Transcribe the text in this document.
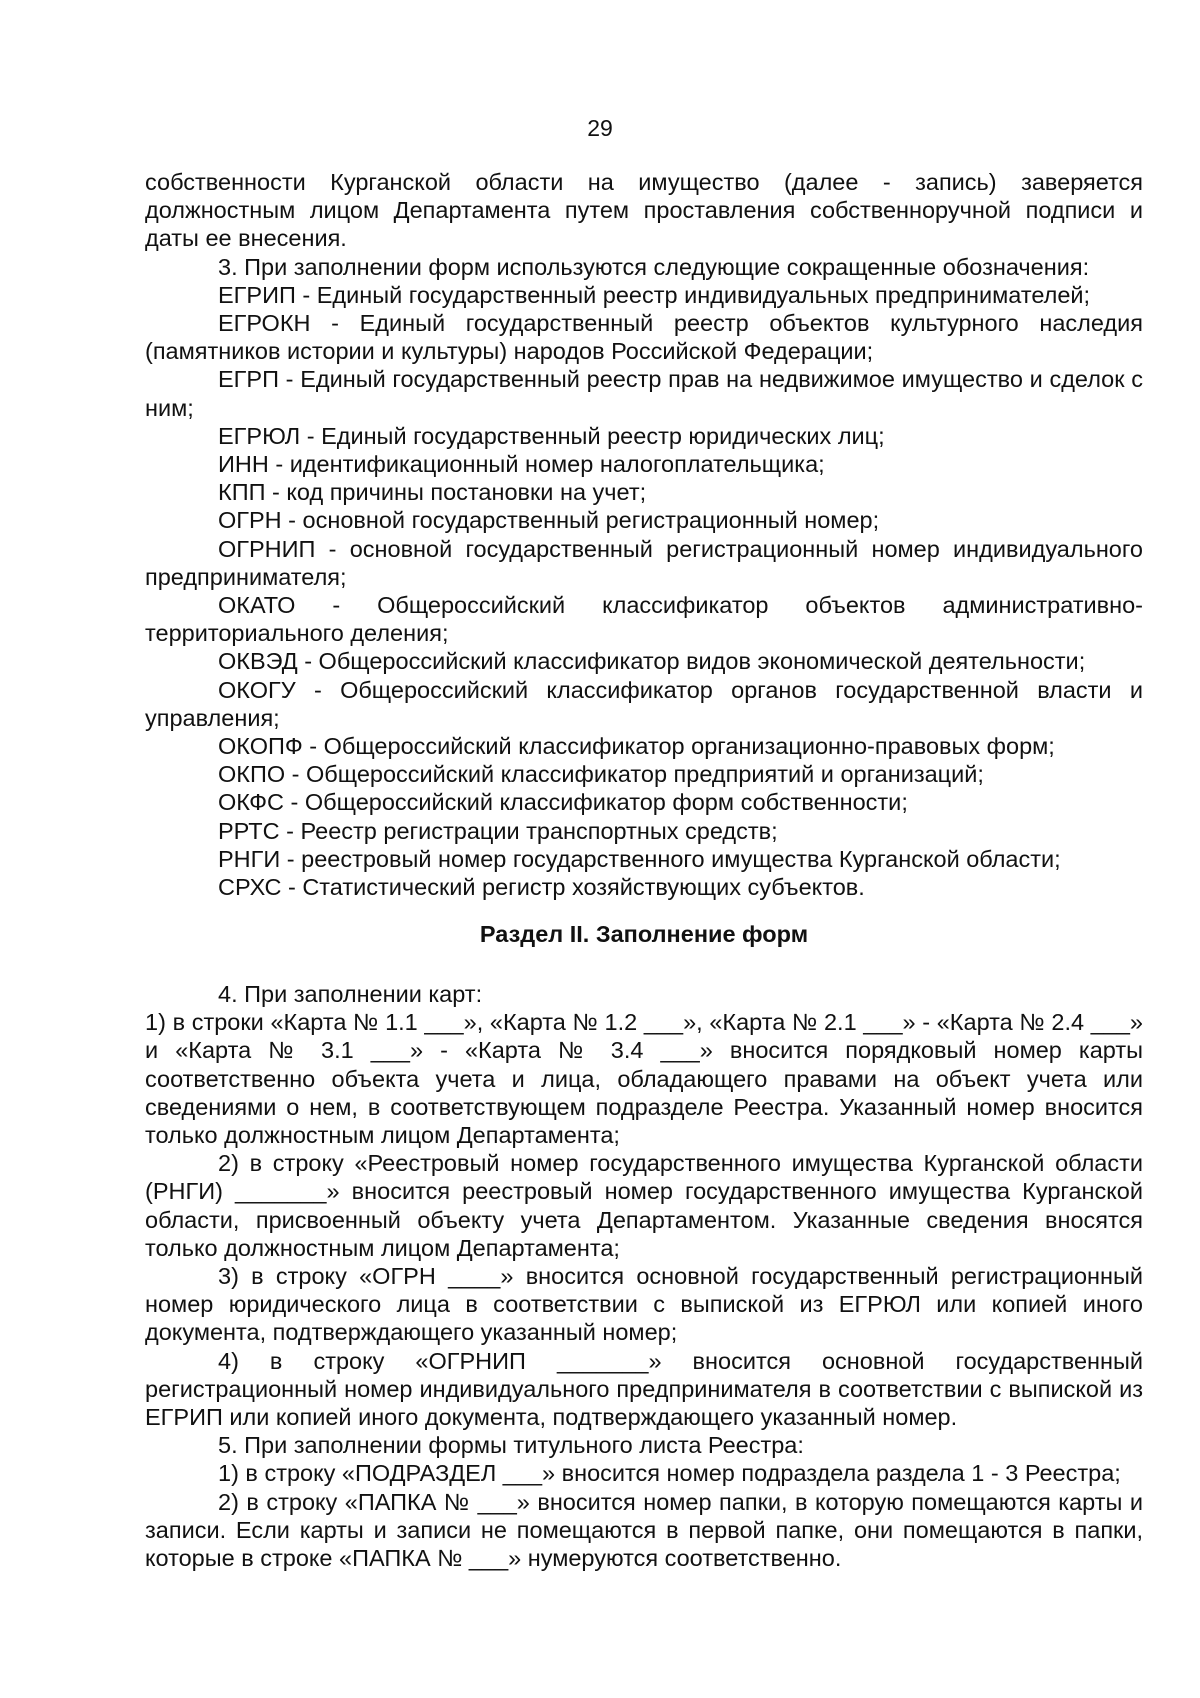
29

собственности Курганской области на имущество (далее - запись) заверяется должностным лицом Департамента путем проставления собственноручной подписи и даты ее внесения.

3. При заполнении форм используются следующие сокращенные обозначения:

ЕГРИП - Единый государственный реестр индивидуальных предпринимателей;

ЕГРОКН - Единый государственный реестр объектов культурного наследия (памятников истории и культуры) народов Российской Федерации;

ЕГРП - Единый государственный реестр прав на недвижимое имущество и сделок с ним;

ЕГРЮЛ - Единый государственный реестр юридических лиц;

ИНН - идентификационный номер налогоплательщика;

КПП - код причины постановки на учет;

ОГРН - основной государственный регистрационный номер;

ОГРНИП - основной государственный регистрационный номер индивидуального предпринимателя;

ОКАТО - Общероссийский классификатор объектов административно-территориального деления;

ОКВЭД - Общероссийский классификатор видов экономической деятельности;

ОКОГУ - Общероссийский классификатор органов государственной власти и управления;

ОКОПФ - Общероссийский классификатор организационно-правовых форм;

ОКПО - Общероссийский классификатор предприятий и организаций;

ОКФС - Общероссийский классификатор форм собственности;

РРТС - Реестр регистрации транспортных средств;

РНГИ - реестровый номер государственного имущества Курганской области;

СРХС - Статистический регистр хозяйствующих субъектов.

Раздел II. Заполнение форм

4. При заполнении карт:

1) в строки «Карта № 1.1 ___», «Карта № 1.2 ___», «Карта № 2.1 ___» - «Карта № 2.4 ___» и «Карта № 3.1 ___» - «Карта № 3.4 ___» вносится порядковый номер карты соответственно объекта учета и лица, обладающего правами на объект учета или сведениями о нем, в соответствующем подразделе Реестра. Указанный номер вносится только должностным лицом Департамента;

2) в строку «Реестровый номер государственного имущества Курганской области (РНГИ) _______» вносится реестровый номер государственного имущества Курганской области, присвоенный объекту учета Департаментом. Указанные сведения вносятся только должностным лицом Департамента;

3) в строку «ОГРН ____» вносится основной государственный регистрационный номер юридического лица в соответствии с выпиской из ЕГРЮЛ или копией иного документа, подтверждающего указанный номер;

4) в строку «ОГРНИП _______» вносится основной государственный регистрационный номер индивидуального предпринимателя в соответствии с выпиской из ЕГРИП или копией иного документа, подтверждающего указанный номер.

5. При заполнении формы титульного листа Реестра:

1) в строку «ПОДРАЗДЕЛ ___» вносится номер подраздела раздела 1 - 3 Реестра;

2) в строку «ПАПКА № ___» вносится номер папки, в которую помещаются карты и записи. Если карты и записи не помещаются в первой папке, они помещаются в папки, которые в строке «ПАПКА № ___» нумеруются соответственно.
